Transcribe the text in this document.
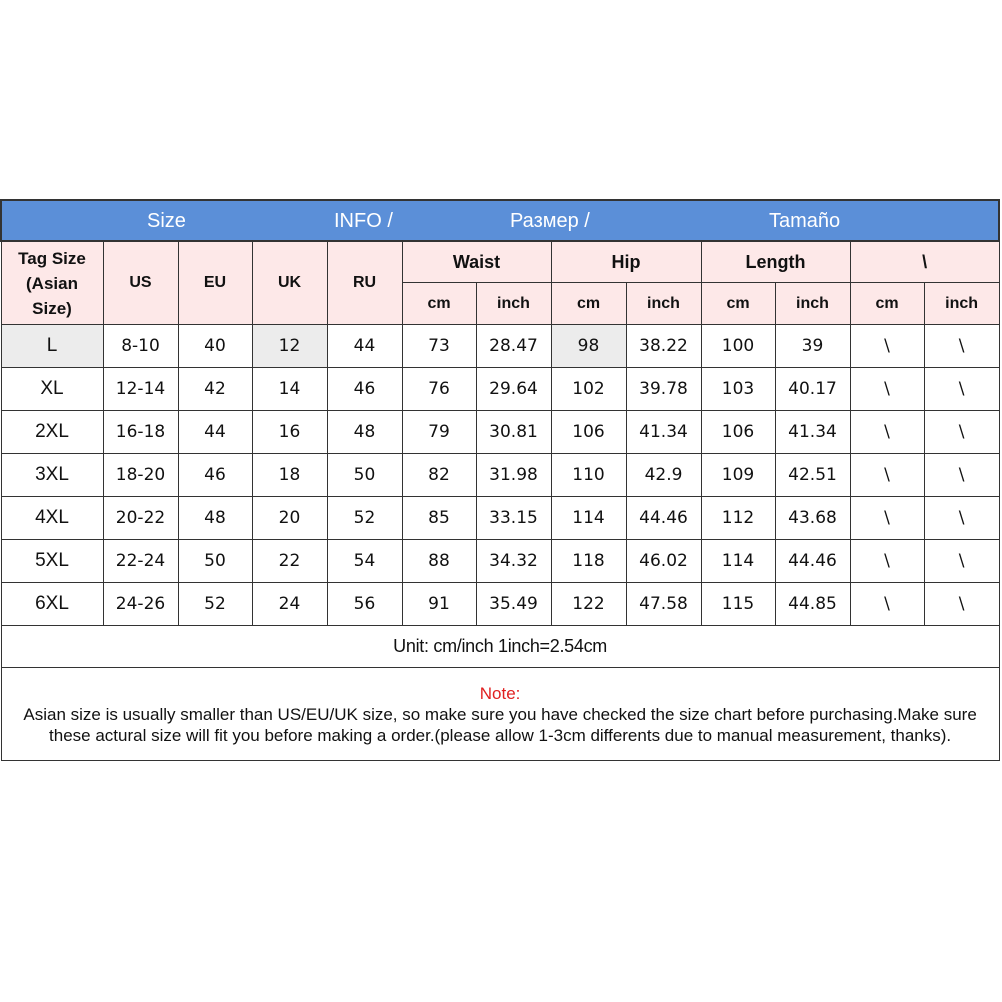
Size INFO / Размер / Tamaño												

Tag Size
(Asian
Size)	US	EU	UK	RU	Waist		Hip		Length		\	
					cm	inch	cm	inch	cm	inch	cm	inch
L	8-10	40	12	44	73	28.47	98	38.22	100	39	\	\
XL	12-14	42	14	46	76	29.64	102	39.78	103	40.17	\	\
2XL	16-18	44	16	48	79	30.81	106	41.34	106	41.34	\	\
3XL	18-20	46	18	50	82	31.98	110	42.9	109	42.51	\	\
4XL	20-22	48	20	52	85	33.15	114	44.46	112	43.68	\	\
5XL	22-24	50	22	54	88	34.32	118	46.02	114	44.46	\	\
6XL	24-26	52	24	56	91	35.49	122	47.58	115	44.85	\	\
Unit: cm/inch 1inch=2.54cm												

Note:
Asian size is usually smaller than US/EU/UK size, so make sure you have checked the size chart before purchasing.Make sure these actural size will fit you before making a order.(please allow 1-3cm differents due to manual measurement, thanks).												
